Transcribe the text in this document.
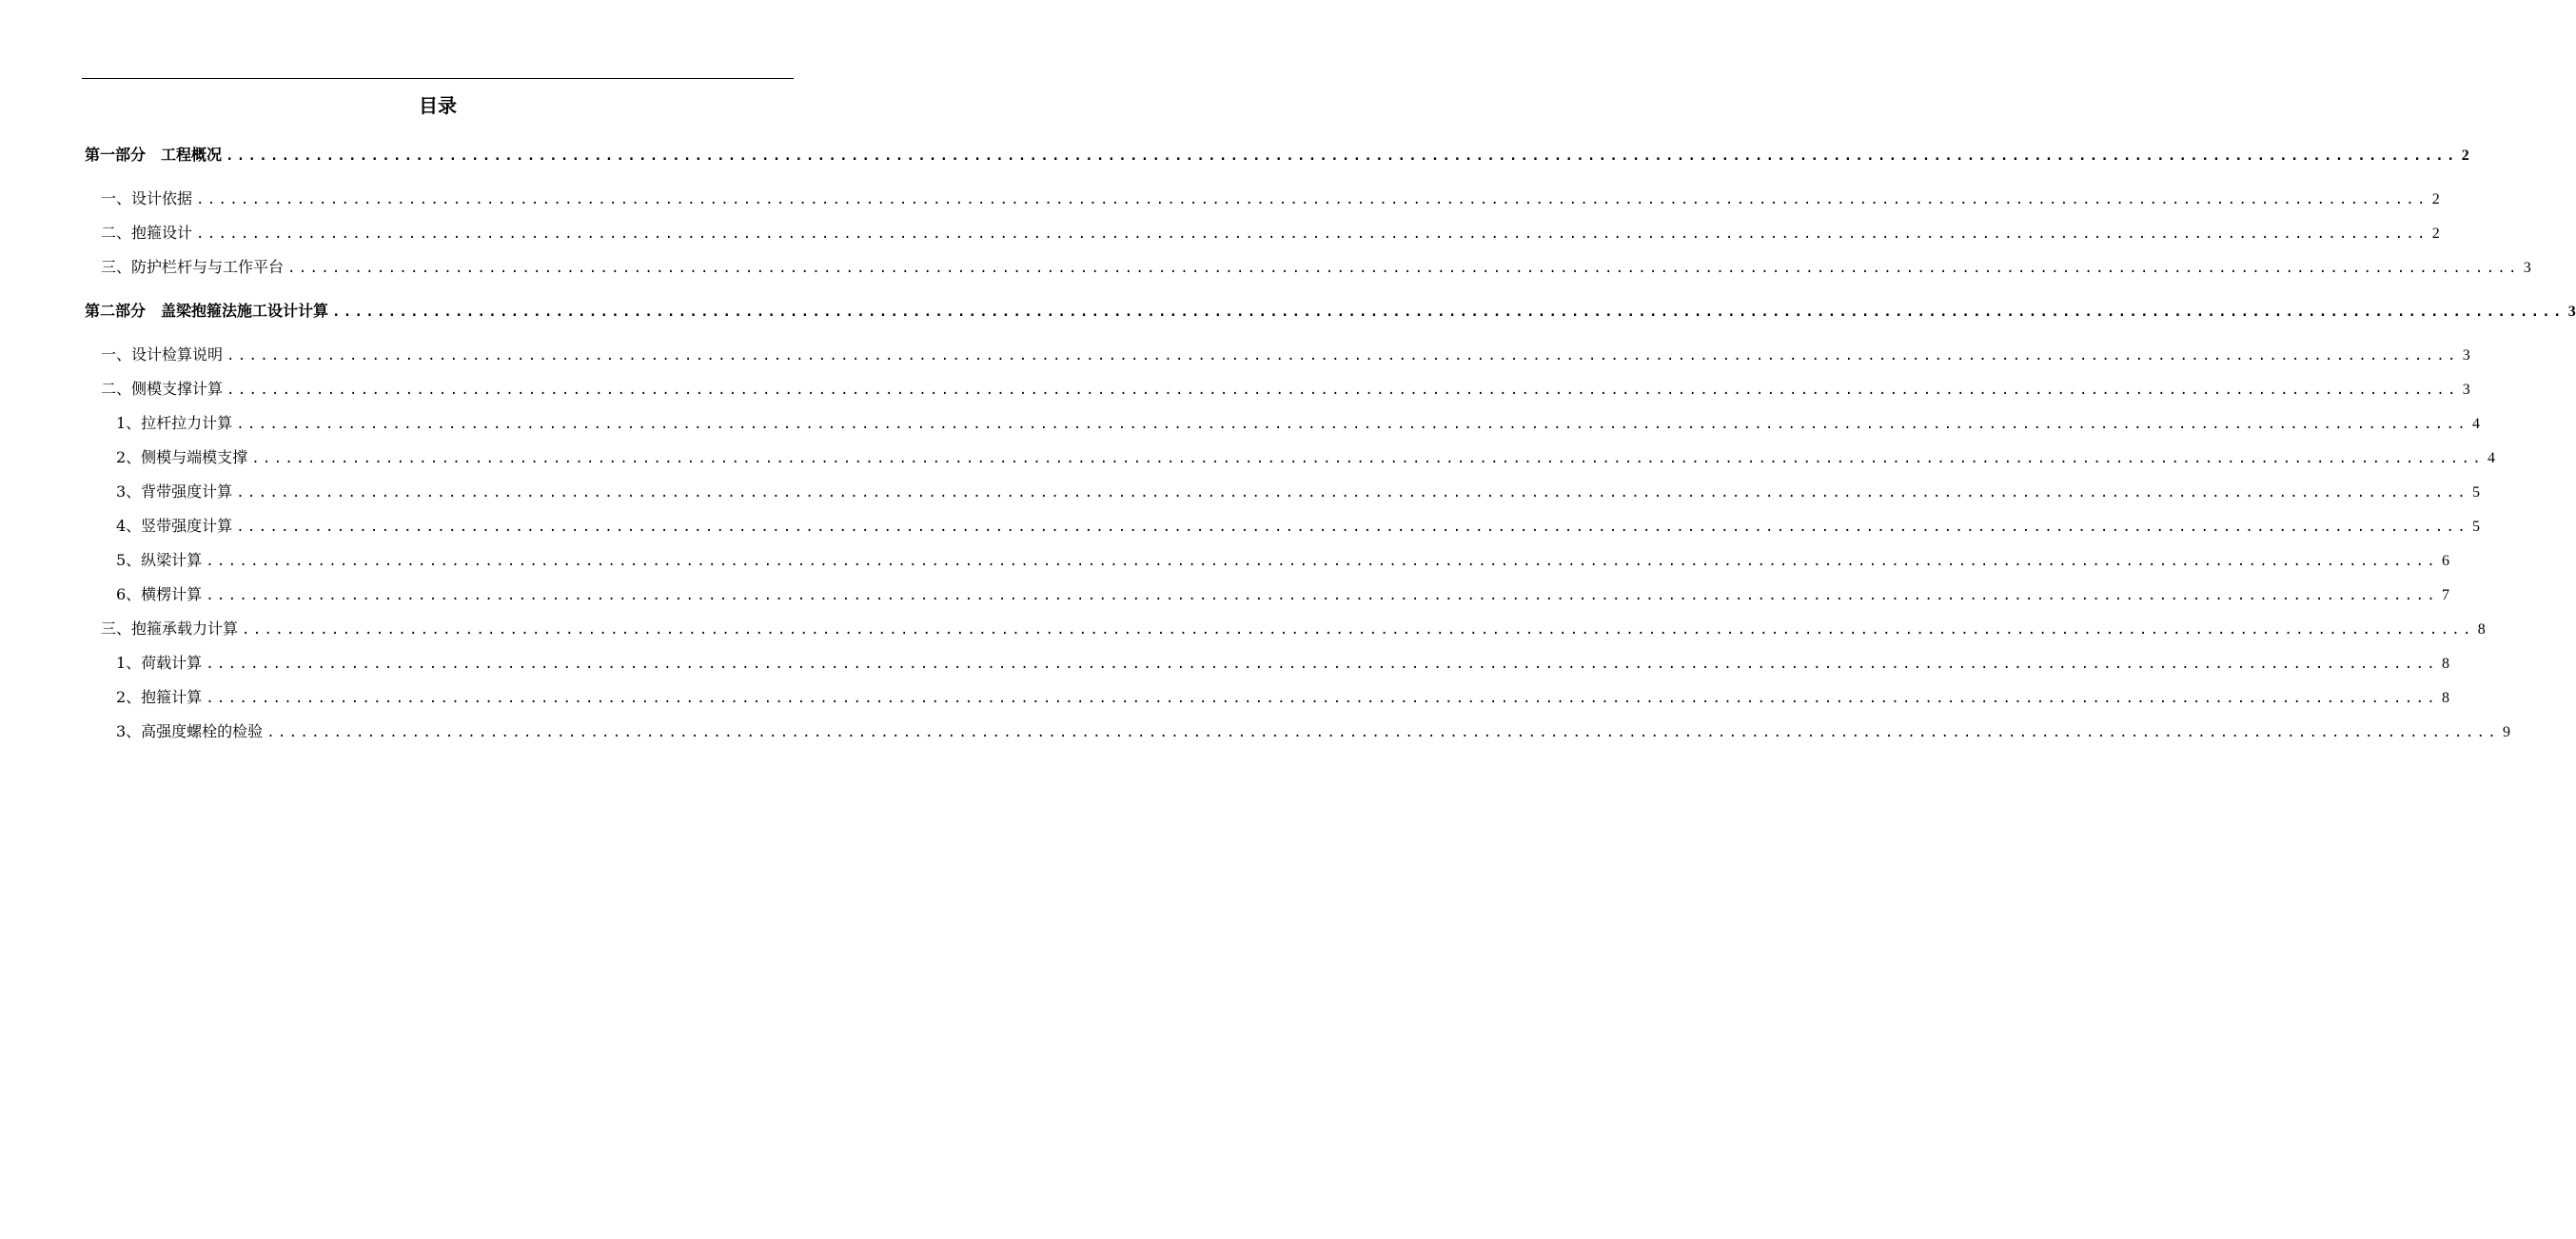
目录
第一部分　工程概况 ........................................................................................................................................................................................................ 2
一、设计依据 ........................................................................................................................................................................................................ 2
二、抱箍设计 ........................................................................................................................................................................................................ 2
三、防护栏杆与与工作平台 ........................................................................................................................................................................................................ 3
第二部分　盖梁抱箍法施工设计计算 ........................................................................................................................................................................................................ 3
一、设计检算说明 ........................................................................................................................................................................................................ 3
二、侧模支撑计算 ........................................................................................................................................................................................................ 3
1、拉杆拉力计算 ........................................................................................................................................................................................................ 4
2、侧模与端模支撑 ........................................................................................................................................................................................................ 4
3、背带强度计算 ........................................................................................................................................................................................................ 5
4、竖带强度计算 ........................................................................................................................................................................................................ 5
5、纵梁计算 ........................................................................................................................................................................................................ 6
6、横楞计算 ........................................................................................................................................................................................................ 7
三、抱箍承载力计算 ........................................................................................................................................................................................................ 8
1、荷载计算 ........................................................................................................................................................................................................ 8
2、抱箍计算 ........................................................................................................................................................................................................ 8
3、高强度螺栓的检验 ........................................................................................................................................................................................................ 9
